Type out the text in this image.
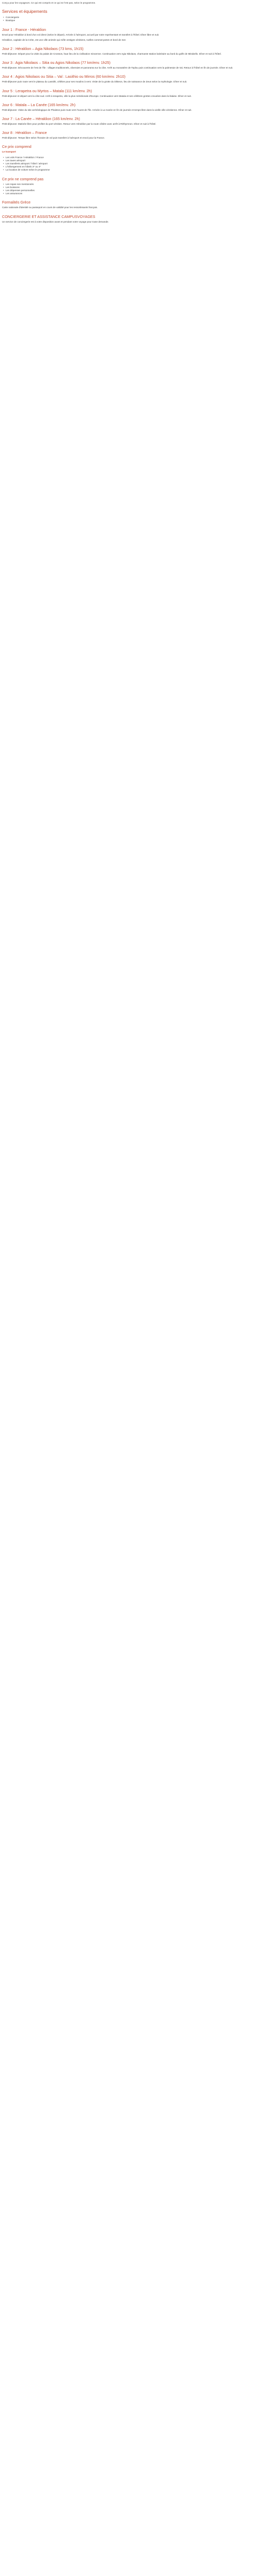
Conçu pour les voyageurs. Ce qui est compris et ce qui ne l'est pas, selon le programme.

Services et équipements
• Conciergerie
• Boutique
Jour 1 : France - Héraklion

Envol pour Héraklion à bord d'un vol direct (selon le départ). Arrivée à l'aéroport, accueil par notre représentant et transfert à l'hôtel. Dîner libre et nuit.

Héraklion, capitale de la Crète, est une ville animée qui mêle vestiges vénitiens, ruelles commerçantes et bord de mer.

Jour 2 : Héraklion – Agia Nikolaos (73 kms, 1h15)

Petit-déjeuner. Départ pour la visite du palais de Cnossos, haut lieu de la civilisation minoenne. Continuation vers Agia Nikolaos, charmante station balnéaire au bord du golfe de Mirabello. Dîner et nuit à l'hôtel.

Jour 3 : Agia Nikolaos – Sitia ou Agios Nikolaos (77 km/env. 1h25)

Petit-déjeuner. Découverte de l'est de l'île : villages traditionnels, oliveraies et panorama sur la côte. Arrêt au monastère de Toplou puis continuation vers la palmeraie de Vai. Retour à l'hôtel en fin de journée. Dîner et nuit.

Jour 4 : Agios Nikolaos ou Sitia – Val : Lasithio ou Mirros (60 km/env. 2h10)

Petit-déjeuner puis route vers le plateau du Lassithi, célèbre pour ses moulins à vent. Visite de la grotte du Dikteon, lieu de naissance de Zeus selon la mythologie. Dîner et nuit.

Jour 5 : Lerapetra ou Myrtos – Matala (111 km/env. 2h)

Petit-déjeuner et départ vers la côte sud. Arrêt à Ierapetra, ville la plus méridionale d'Europe. Continuation vers Matala et ses célèbres grottes creusées dans la falaise. Dîner et nuit.

Jour 6 : Matala – La Canée (165 km/env. 2h)

Petit-déjeuner. Visite du site archéologique de Phaistos puis route vers l'ouest de l'île. Arrivée à La Canée en fin de journée et temps libre dans la vieille ville vénitienne. Dîner et nuit.

Jour 7 : La Canée – Héraklion (165 km/env. 2h)

Petit-déjeuner. Matinée libre pour profiter du port vénitien. Retour vers Héraklion par la route côtière avec arrêt à Réthymnon. Dîner et nuit à l'hôtel.

Jour 8 : Héraklion – France

Petit-déjeuner. Temps libre selon l'horaire de vol puis transfert à l'aéroport et envol pour la France.

Ce prix comprend

Le transport

• Les vols France / Héraklion / France
• Les taxes aéroport
• Les transferts aéroport / hôtel / aéroport
• L'hébergement en hôtels 3* ou 4*
• La location de voiture selon le programme
Ce prix ne comprend pas
• Les repas non mentionnés
• Les boissons
• Les dépenses personnelles
• Les assurances
Formalités Grèce

Carte nationale d'identité ou passeport en cours de validité pour les ressortissants français.

CONCIERGERIE ET ASSISTANCE CAMPUSVOYAGES

Un service de conciergerie est à votre disposition avant et pendant votre voyage pour toute demande.
